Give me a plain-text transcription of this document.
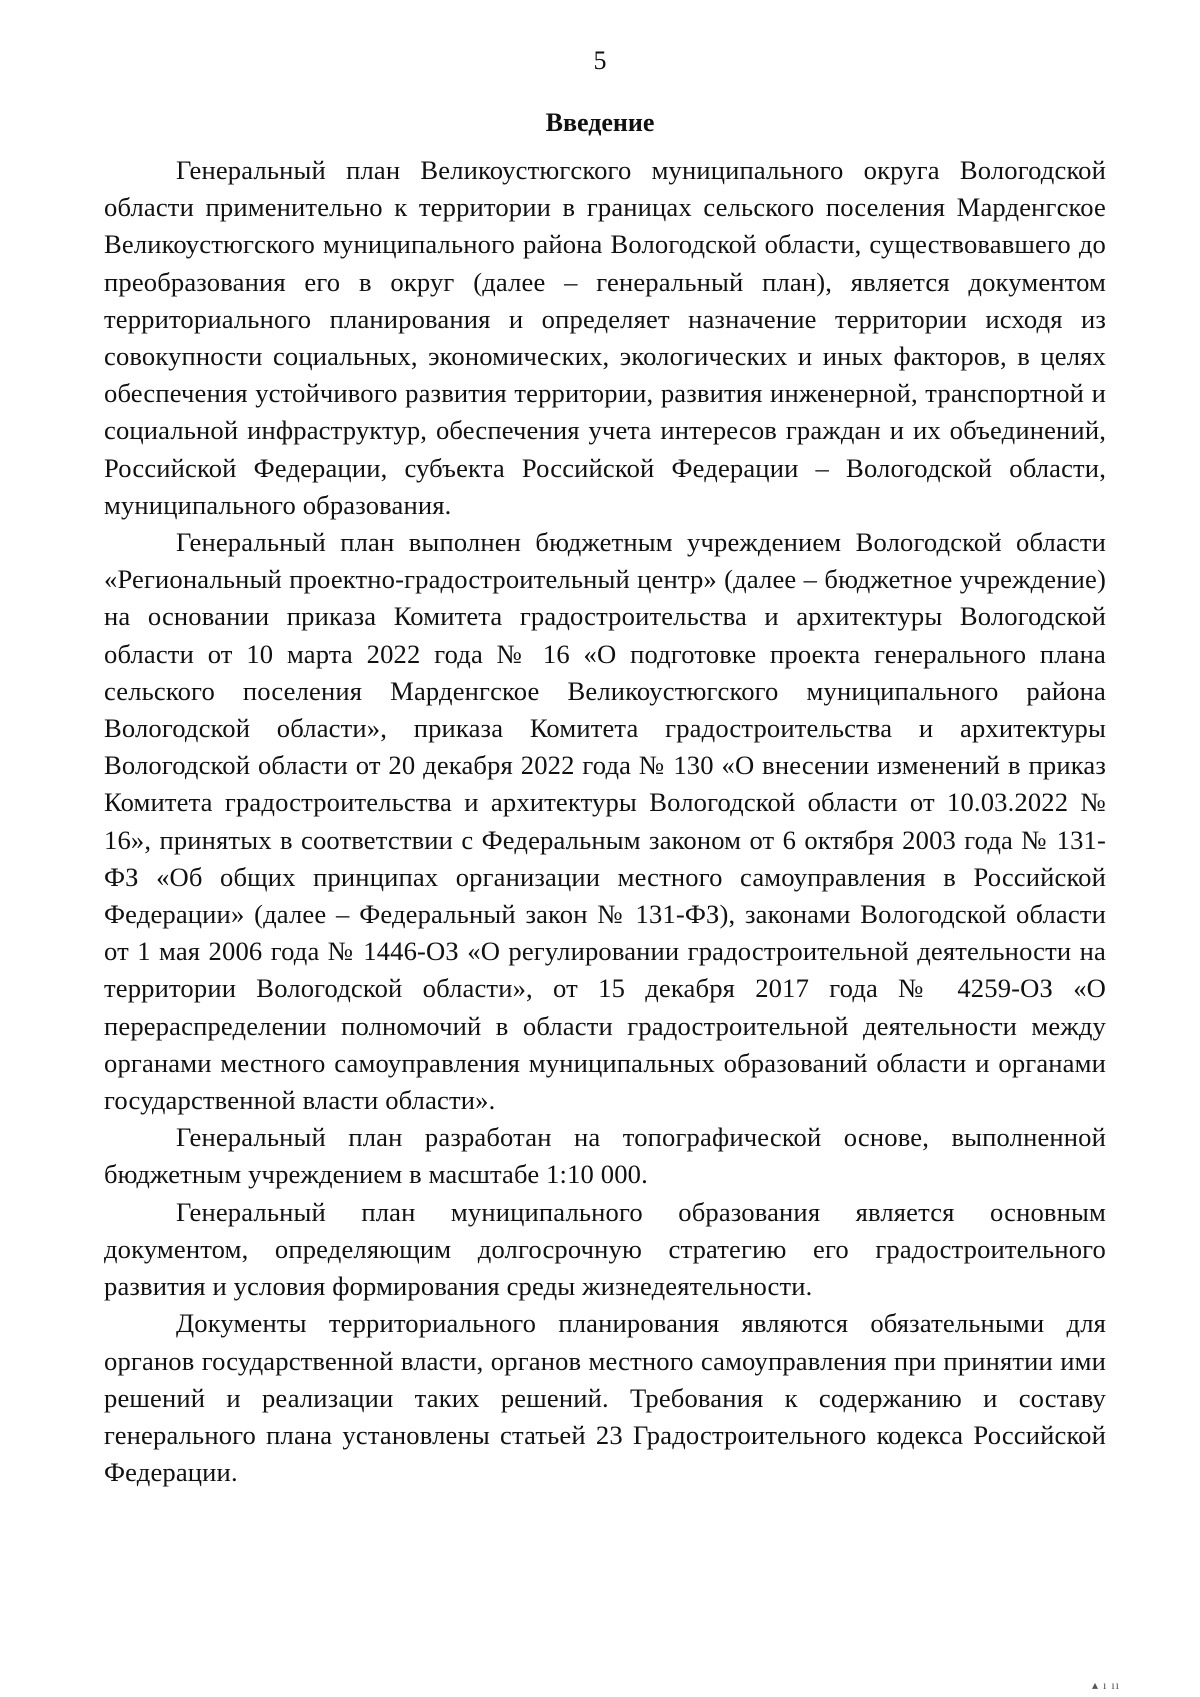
5
Введение

Генеральный план Великоустюгского муниципального округа Вологодской области применительно к территории в границах сельского поселения Марденгское Великоустюгского муниципального района Вологодской области, существовавшего до преобразования его в округ (далее – генеральный план), является документом территориального планирования и определяет назначение территории исходя из совокупности социальных, экономических, экологических и иных факторов, в целях обеспечения устойчивого развития территории, развития инженерной, транспортной и социальной инфраструктур, обеспечения учета интересов граждан и их объединений, Российской Федерации, субъекта Российской Федерации – Вологодской области, муниципального образования.

Генеральный план выполнен бюджетным учреждением Вологодской области «Региональный проектно-градостроительный центр» (далее – бюджетное учреждение) на основании приказа Комитета градостроительства и архитектуры Вологодской области от 10 марта 2022 года № 16 «О подготовке проекта генерального плана сельского поселения Марденгское Великоустюгского муниципального района Вологодской области», приказа Комитета градостроительства и архитектуры Вологодской области от 20 декабря 2022 года № 130 «О внесении изменений в приказ Комитета градостроительства и архитектуры Вологодской области от 10.03.2022 № 16», принятых в соответствии с Федеральным законом от 6 октября 2003 года № 131-ФЗ «Об общих принципах организации местного самоуправления в Российской Федерации» (далее – Федеральный закон № 131-ФЗ), законами Вологодской области от 1 мая 2006 года № 1446-ОЗ «О регулировании градостроительной деятельности на территории Вологодской области», от 15 декабря 2017 года № 4259-ОЗ «О перераспределении полномочий в области градостроительной деятельности между органами местного самоуправления муниципальных образований области и органами государственной власти области».

Генеральный план разработан на топографической основе, выполненной бюджетным учреждением в масштабе 1:10 000.

Генеральный план муниципального образования является основным документом, определяющим долгосрочную стратегию его градостроительного развития и условия формирования среды жизнедеятельности.

Документы территориального планирования являются обязательными для органов государственной власти, органов местного самоуправления при принятии ими решений и реализации таких решений. Требования к содержанию и составу генерального плана установлены статьей 23 Градостроительного кодекса Российской Федерации.

▴ ı ıı
